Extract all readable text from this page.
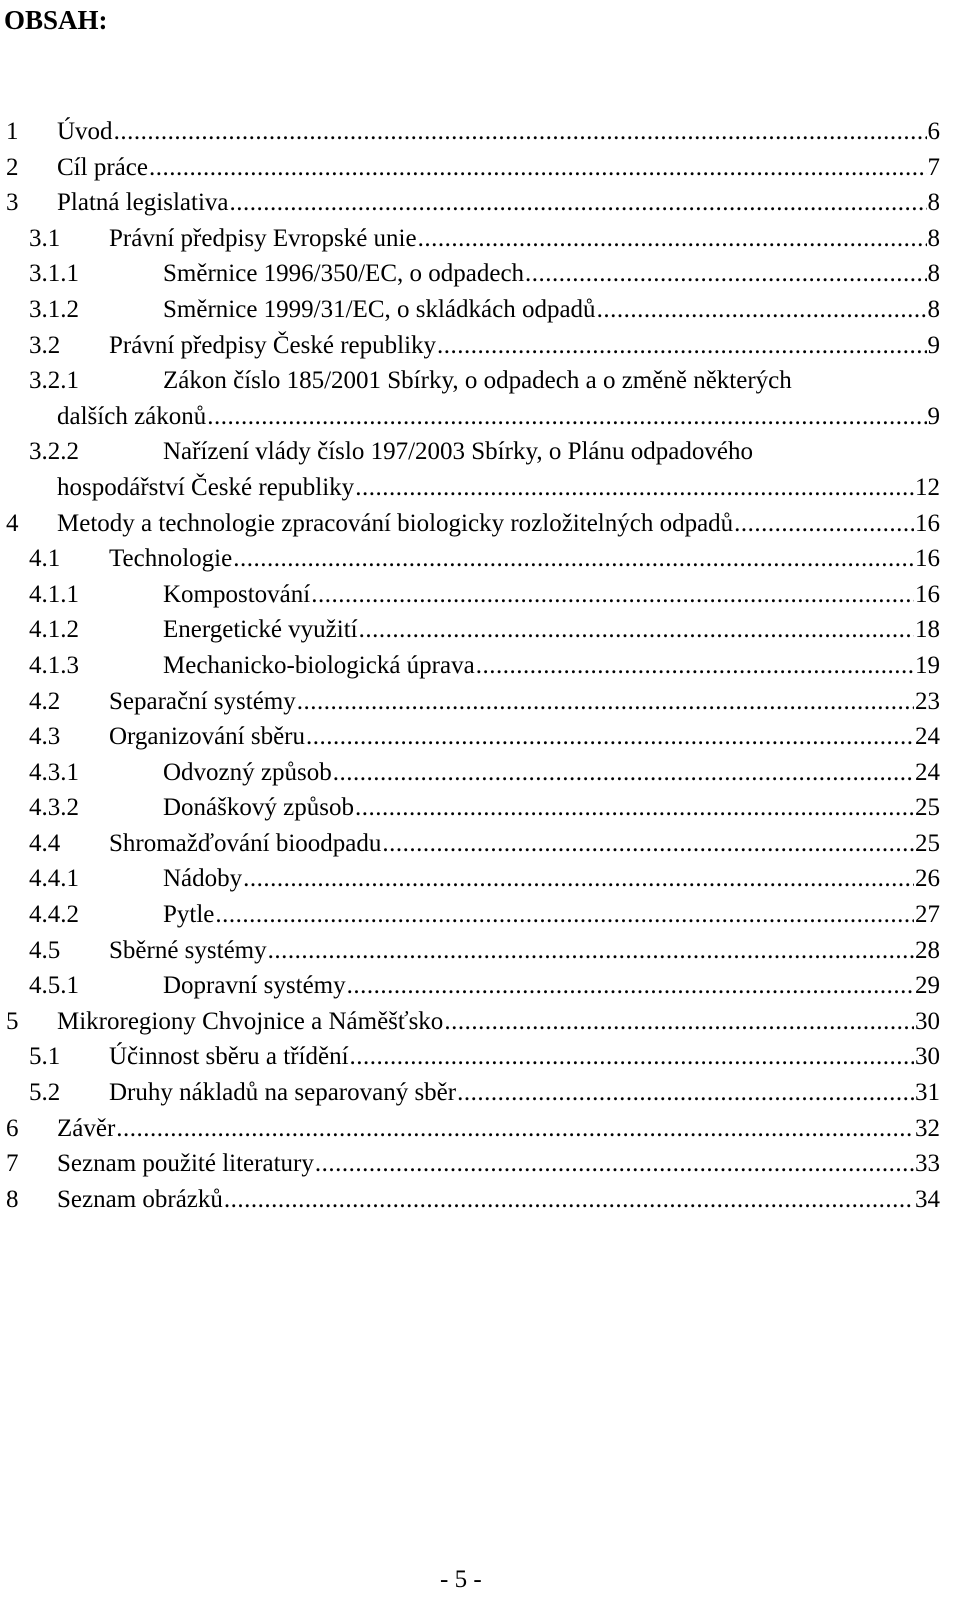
OBSAH:
1 Úvod .....	6
2 Cíl práce .....	7
3 Platná legislativa .....	8
3.1 Právní předpisy Evropské unie .....	8
3.1.1	Směrnice 1996/350/EC, o odpadech .....	8
3.1.2	Směrnice 1999/31/EC, o skládkách odpadů .....	8
3.2 Právní předpisy České republiky .....	9
3.2.1	Zákon číslo 185/2001 Sbírky, o odpadech a o změně některých
dalších zákonů .....	9
3.2.2	Nařízení vlády číslo 197/2003 Sbírky, o Plánu odpadového
hospodářství České republiky .....	12
4 Metody a technologie zpracování biologicky rozložitelných odpadů .....	16
4.1 Technologie .....	16
4.1.1	Kompostování .....	16
4.1.2	Energetické využití .....	18
4.1.3	Mechanicko-biologická úprava .....	19
4.2 Separační systémy .....	23
4.3 Organizování sběru .....	24
4.3.1	Odvozný způsob .....	24
4.3.2	Donáškový způsob .....	25
4.4 Shromažďování bioodpadu .....	25
4.4.1	Nádoby .....	26
4.4.2	Pytle .....	27
4.5 Sběrné systémy .....	28
4.5.1	Dopravní systémy .....	29
5 Mikroregiony Chvojnice a Náměšťsko .....	30
5.1 Účinnost sběru a třídění .....	30
5.2 Druhy nákladů na separovaný sběr .....	31
6 Závěr .....	32
7 Seznam použité literatury .....	33
8 Seznam obrázků .....	34
- 5 -
